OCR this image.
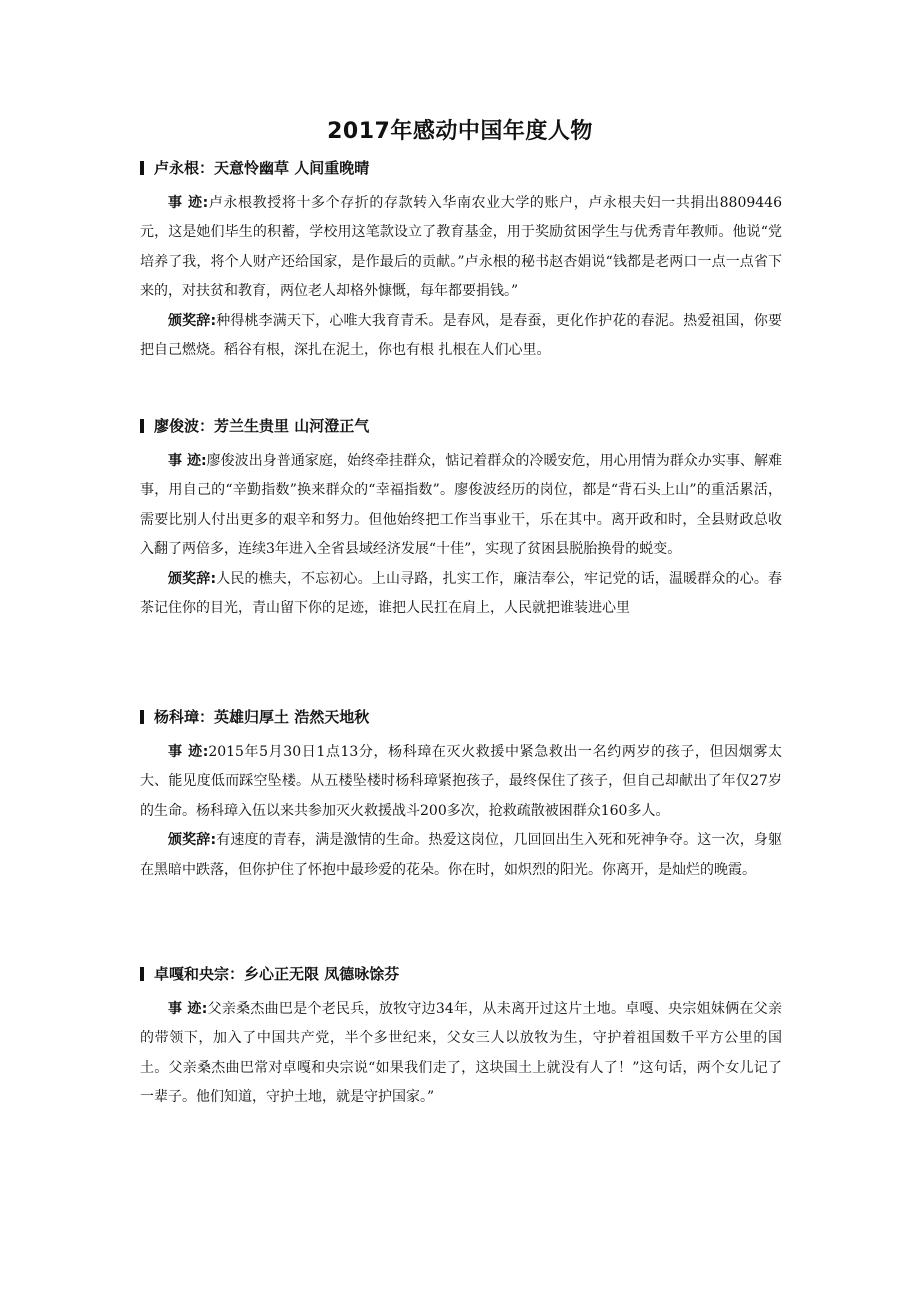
2017年感动中国年度人物
卢永根：天意怜幽草 人间重晚晴

事 迹:卢永根教授将十多个存折的存款转入华南农业大学的账户，卢永根夫妇一共捐出8809446元，这是她们毕生的积蓄，学校用这笔款设立了教育基金，用于奖励贫困学生与优秀青年教师。他说“党培养了我，将个人财产还给国家，是作最后的贡献。”卢永根的秘书赵杏娟说“钱都是老两口一点一点省下来的，对扶贫和教育，两位老人却格外慷慨，每年都要捐钱。”

颁奖辞:种得桃李满天下，心唯大我育青禾。是春风，是春蚕，更化作护花的春泥。热爱祖国，你要把自己燃烧。稻谷有根，深扎在泥土，你也有根 扎根在人们心里。

廖俊波：芳兰生贵里 山河澄正气

事 迹:廖俊波出身普通家庭，始终牵挂群众，惦记着群众的冷暖安危，用心用情为群众办实事、解难事，用自己的“辛勤指数”换来群众的“幸福指数”。廖俊波经历的岗位，都是“背石头上山”的重活累活，需要比别人付出更多的艰辛和努力。但他始终把工作当事业干，乐在其中。离开政和时，全县财政总收入翻了两倍多，连续3年进入全省县域经济发展“十佳”，实现了贫困县脱胎换骨的蜕变。

颁奖辞:人民的樵夫，不忘初心。上山寻路，扎实工作，廉洁奉公，牢记党的话，温暖群众的心。春茶记住你的目光，青山留下你的足迹，谁把人民扛在肩上，人民就把谁装进心里

杨科璋：英雄归厚土 浩然天地秋

事 迹:2015年5月30日1点13分，杨科璋在灭火救援中紧急救出一名约两岁的孩子，但因烟雾太大、能见度低而踩空坠楼。从五楼坠楼时杨科璋紧抱孩子，最终保住了孩子，但自己却献出了年仅27岁的生命。杨科璋入伍以来共参加灭火救援战斗200多次，抢救疏散被困群众160多人。

颁奖辞:有速度的青春，满是激情的生命。热爱这岗位，几回回出生入死和死神争夺。这一次，身躯在黑暗中跌落，但你护住了怀抱中最珍爱的花朵。你在时，如炽烈的阳光。你离开，是灿烂的晚霞。

卓嘎和央宗：乡心正无限 凤德咏馀芬

事 迹:父亲桑杰曲巴是个老民兵，放牧守边34年，从未离开过这片土地。卓嘎、央宗姐妹俩在父亲的带领下，加入了中国共产党，半个多世纪来，父女三人以放牧为生，守护着祖国数千平方公里的国土。父亲桑杰曲巴常对卓嘎和央宗说“如果我们走了，这块国土上就没有人了！”这句话，两个女儿记了一辈子。他们知道，守护土地，就是守护国家。”
